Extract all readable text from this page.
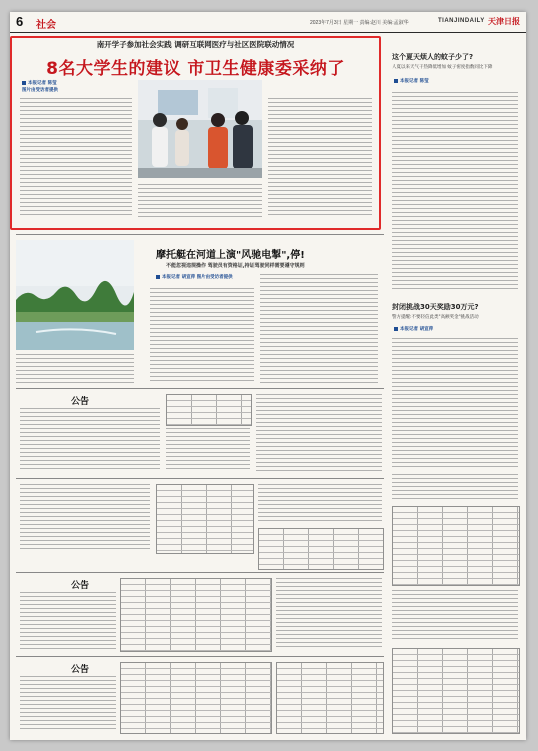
6 社会	2023年7月3日 星期一 责编:赵川 美编:孟淑华	TIANJINDAILY 天津日报
南开学子参加社会实践 调研互联网医疗与社区医院联动情况
8名大学生的建议 市卫生健康委采纳了
本报记者 陈莹
图片由受访者提供
这个夏天烦人的蚊子少了?
人夏以来天气干热降低增加 蚊子密度指数同比下降
本报记者 陈莹
摩托艇在河道上演"风驰电掣",停!
不能忽视违规操作 驾驶员有资格证,持证驾驶同样需要遵守规则
本报记者 胡宣萍 图片由受访者提供
封闭挑战30天奖励30万元?
警方提醒:不要轻信此类"高额奖金"挑战活动
本报记者 胡宣萍
公告
公告
公告
